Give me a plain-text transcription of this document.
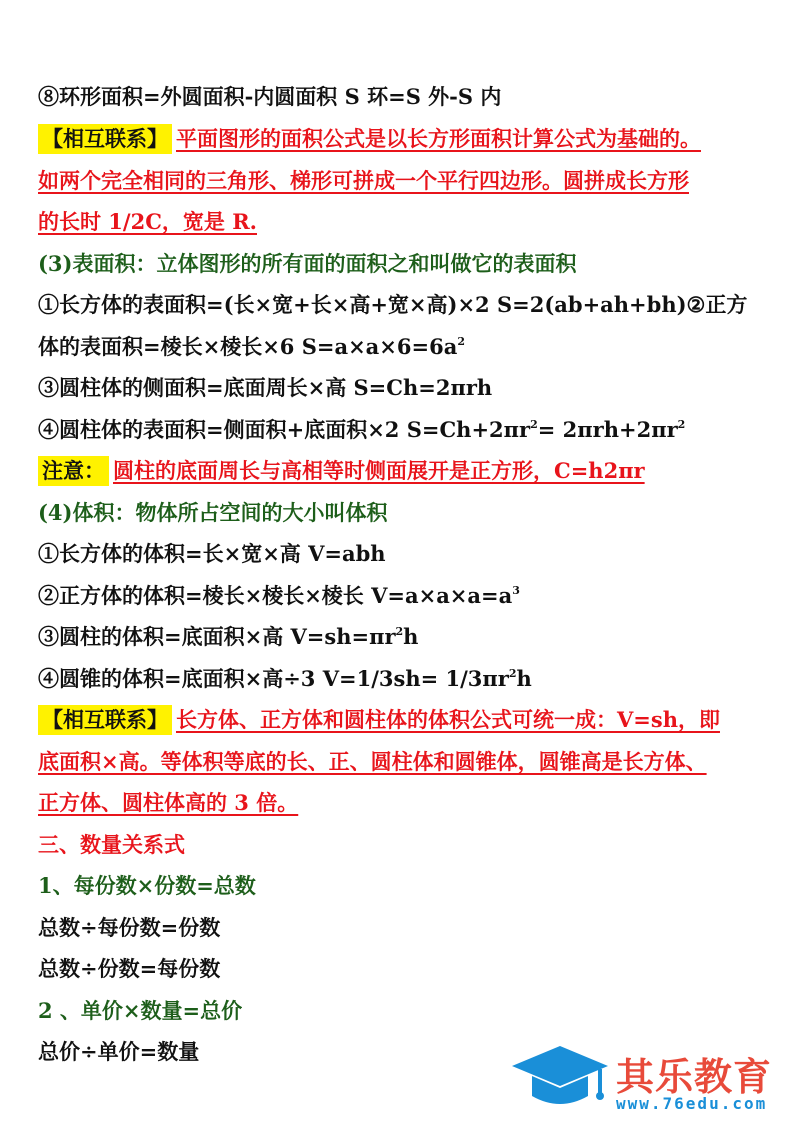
⑧环形面积=外圆面积-内圆面积 S 环=S 外-S 内
【相互联系】 平面图形的面积公式是以长方形面积计算公式为基础的。
如两个完全相同的三角形、梯形可拼成一个平行四边形。圆拼成长方形
的长时 1/2C，宽是 R.
(3)表面积：立体图形的所有面的面积之和叫做它的表面积
①长方体的表面积=(长×宽+长×高+宽×高)×2 S=2(ab+ah+bh)②正方
体的表面积=棱长×棱长×6 $S=a\times a\times 6=6a^2$
③圆柱体的侧面积=底面周长×高 S=Ch=2πrh
④圆柱体的表面积=侧面积+底面积×2 $S=Ch+2\pi r^2= 2\pi rh+2\pi r^2$
注意： 圆柱的底面周长与高相等时侧面展开是正方形，C=h2πr
(4)体积：物体所占空间的大小叫体积
①长方体的体积=长×宽×高 V=abh
②正方体的体积=棱长×棱长×棱长 $V=a\times a\times a=a^3$
③圆柱的体积=底面积×高 $V=sh=\pi r^2h$
④圆锥的体积=底面积×高÷3 $V=1/3sh= 1/3\pi r^2h$
【相互联系】 长方体、正方体和圆柱体的体积公式可统一成：V=sh，即
底面积×高。等体积等底的长、正、圆柱体和圆锥体，圆锥高是长方体、
正方体、圆柱体高的 3 倍。
三、数量关系式
1、每份数×份数=总数
总数÷每份数=份数
总数÷份数=每份数
2 、单价×数量=总价
总价÷单价=数量
其乐教育
www.76edu.com
